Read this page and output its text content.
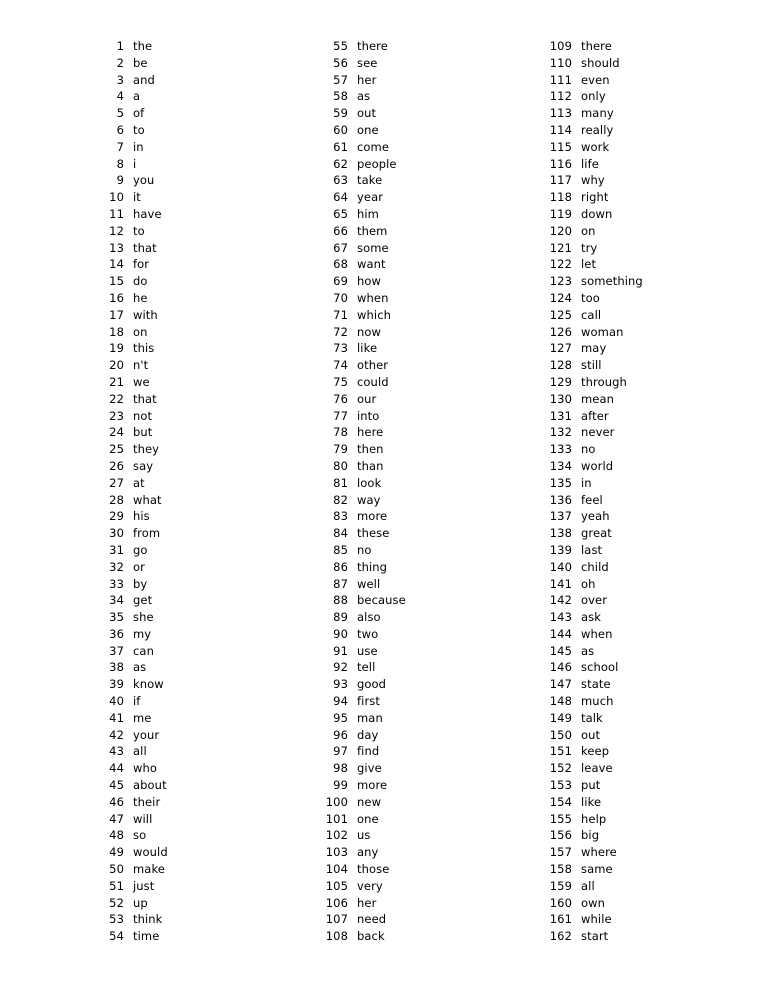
1 the
2 be
3 and
4 a
5 of
6 to
7 in
8 i
9 you
10 it
11 have
12 to
13 that
14 for
15 do
16 he
17 with
18 on
19 this
20 n't
21 we
22 that
23 not
24 but
25 they
26 say
27 at
28 what
29 his
30 from
31 go
32 or
33 by
34 get
35 she
36 my
37 can
38 as
39 know
40 if
41 me
42 your
43 all
44 who
45 about
46 their
47 will
48 so
49 would
50 make
51 just
52 up
53 think
54 time
55 there
56 see
57 her
58 as
59 out
60 one
61 come
62 people
63 take
64 year
65 him
66 them
67 some
68 want
69 how
70 when
71 which
72 now
73 like
74 other
75 could
76 our
77 into
78 here
79 then
80 than
81 look
82 way
83 more
84 these
85 no
86 thing
87 well
88 because
89 also
90 two
91 use
92 tell
93 good
94 first
95 man
96 day
97 find
98 give
99 more
100 new
101 one
102 us
103 any
104 those
105 very
106 her
107 need
108 back
109 there
110 should
111 even
112 only
113 many
114 really
115 work
116 life
117 why
118 right
119 down
120 on
121 try
122 let
123 something
124 too
125 call
126 woman
127 may
128 still
129 through
130 mean
131 after
132 never
133 no
134 world
135 in
136 feel
137 yeah
138 great
139 last
140 child
141 oh
142 over
143 ask
144 when
145 as
146 school
147 state
148 much
149 talk
150 out
151 keep
152 leave
153 put
154 like
155 help
156 big
157 where
158 same
159 all
160 own
161 while
162 start
